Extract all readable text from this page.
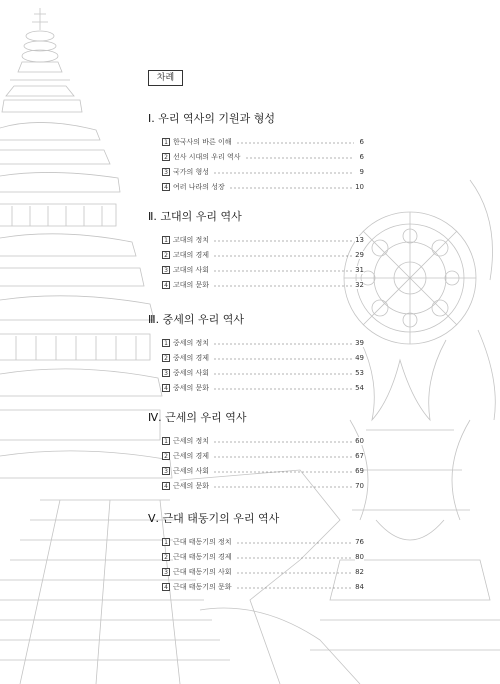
차례
Ⅰ. 우리 역사의 기원과 형성
1 한국사의 바른 이해	6
2 선사 시대의 우리 역사	6
3 국가의 형성	9
4 여러 나라의 성장	10
Ⅱ. 고대의 우리 역사
1 고대의 정치	13
2 고대의 경제	29
3 고대의 사회	31
4 고대의 문화	32
Ⅲ. 중세의 우리 역사
1 중세의 정치	39
2 중세의 경제	49
3 중세의 사회	53
4 중세의 문화	54
Ⅳ. 근세의 우리 역사
1 근세의 정치	60
2 근세의 경제	67
3 근세의 사회	69
4 근세의 문화	70
Ⅴ. 근대 태동기의 우리 역사
1 근대 태동기의 정치	76
2 근대 태동기의 경제	80
3 근대 태동기의 사회	82
4 근대 태동기의 문화	84
